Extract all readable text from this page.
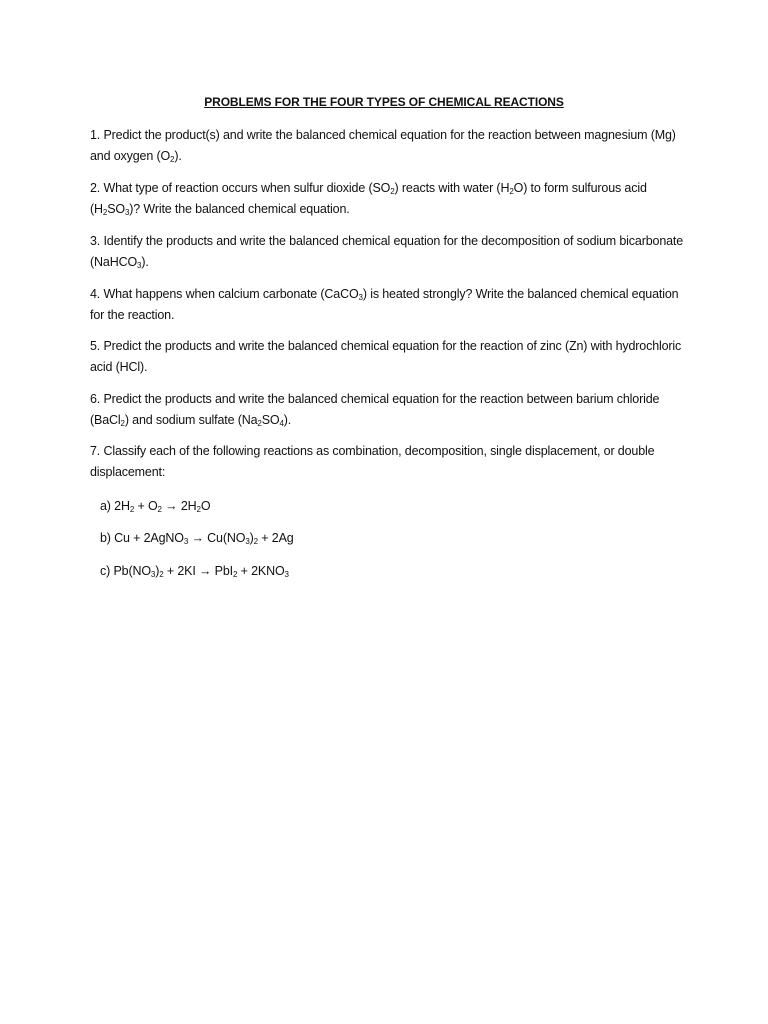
PROBLEMS FOR THE FOUR TYPES OF CHEMICAL REACTIONS

1. Predict the product(s) and write the balanced chemical equation for the reaction between magnesium (Mg) and oxygen $(O_2)$.

2. What type of reaction occurs when sulfur dioxide $(SO_2)$ reacts with water $(H_2O)$ to form sulfurous acid $(H_2SO_3)$? Write the balanced chemical equation.

3. Identify the products and write the balanced chemical equation for the decomposition of sodium bicarbonate (NaHCO$_3$).

4. What happens when calcium carbonate (CaCO$_3$) is heated strongly? Write the balanced chemical equation for the reaction.

5. Predict the products and write the balanced chemical equation for the reaction of zinc (Zn) with hydrochloric acid (HCl).

6. Predict the products and write the balanced chemical equation for the reaction between barium chloride (BaCl$_2$) and sodium sulfate $(Na_2SO_4)$.

7. Classify each of the following reactions as combination, decomposition, single displacement, or double displacement:

a) $2H_2 + O_2 \to 2H_2O$

b) Cu + 2AgNO$_3$ → $Cu(NO_3)_2 + 2Ag$

c) $Pb(NO_3)_2 + 2KI \to PbI_2 + 2KNO_3$
